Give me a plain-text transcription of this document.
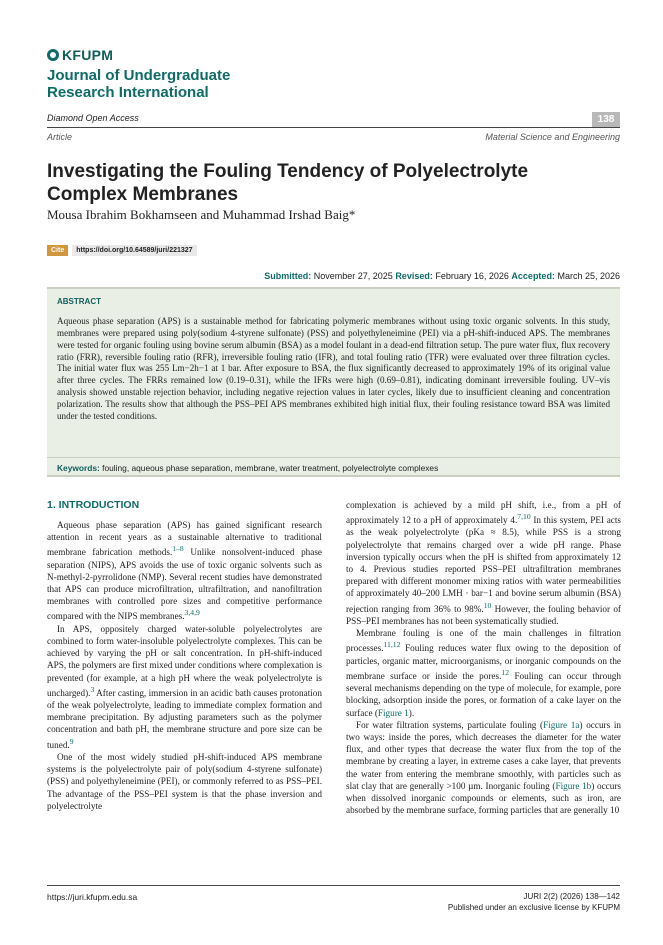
KFUPM
Journal of Undergraduate
Research International
Diamond Open Access	138
Article	Material Science and Engineering
Investigating the Fouling Tendency of Polyelectrolyte Complex Membranes
Mousa Ibrahim Bokhamseen and Muhammad Irshad Baig*
Cite	https://doi.org/10.64589/juri/221327
Submitted: November 27, 2025 Revised: February 16, 2026 Accepted: March 25, 2026
ABSTRACT

Aqueous phase separation (APS) is a sustainable method for fabricating polymeric membranes without using toxic organic solvents. In this study, membranes were prepared using poly(sodium 4-styrene sulfonate) (PSS) and polyethyleneimine (PEI) via a pH-shift-induced APS. The membranes were tested for organic fouling using bovine serum albumin (BSA) as a model foulant in a dead-end filtration setup. The pure water flux, flux recovery ratio (FRR), reversible fouling ratio (RFR), irreversible fouling ratio (IFR), and total fouling ratio (TFR) were evaluated over three filtration cycles. The initial water flux was 255 Lm−2h−1 at 1 bar. After exposure to BSA, the flux significantly decreased to approximately 19% of its original value after three cycles. The FRRs remained low (0.19–0.31), while the IFRs were high (0.69–0.81), indicating dominant irreversible fouling. UV–vis analysis showed unstable rejection behavior, including negative rejection values in later cycles, likely due to insufficient cleaning and concentration polarization. The results show that although the PSS–PEI APS membranes exhibited high initial flux, their fouling resistance toward BSA was limited under the tested conditions.

Keywords: fouling, aqueous phase separation, membrane, water treatment, polyelectrolyte complexes
1. INTRODUCTION

Aqueous phase separation (APS) has gained significant research attention in recent years as a sustainable alternative to traditional membrane fabrication methods.$^{1-8}$ Unlike nonsolvent-induced phase separation (NIPS), APS avoids the use of toxic organic solvents such as N-methyl-2-pyrrolidone (NMP). Several recent studies have demonstrated that APS can produce microfiltration, ultrafiltration, and nanofiltration membranes with controlled pore sizes and competitive performance compared with the NIPS membranes.$^{3,4,9}$

In APS, oppositely charged water-soluble polyelectrolytes are combined to form water-insoluble polyelectrolyte complexes. This can be achieved by varying the pH or salt concentration. In pH-shift-induced APS, the polymers are first mixed under conditions where complexation is prevented (for example, at a high pH where the weak polyelectrolyte is uncharged).$^3$ After casting, immersion in an acidic bath causes protonation of the weak polyelectrolyte, leading to immediate complex formation and membrane precipitation. By adjusting parameters such as the polymer concentration and bath pH, the membrane structure and pore size can be tuned.$^9$

One of the most widely studied pH-shift-induced APS membrane systems is the polyelectrolyte pair of poly(sodium 4-styrene sulfonate) (PSS) and polyethyleneimine (PEI), or commonly referred to as PSS–PEI. The advantage of the PSS–PEI system is that the phase inversion and polyelectrolyte

complexation is achieved by a mild pH shift, i.e., from a pH of approximately 12 to a pH of approximately 4.$^{7,10}$ In this system, PEI acts as the weak polyelectrolyte (pKa ≈ 8.5), while PSS is a strong polyelectrolyte that remains charged over a wide pH range. Phase inversion typically occurs when the pH is shifted from approximately 12 to 4. Previous studies reported PSS–PEI ultrafiltration membranes prepared with different monomer mixing ratios with water permeabilities of approximately 40–200 LMH · bar−1 and bovine serum albumin (BSA) rejection ranging from 36% to 98%.$^{10}$ However, the fouling behavior of PSS–PEI membranes has not been systematically studied.

Membrane fouling is one of the main challenges in filtration processes.$^{11,12}$ Fouling reduces water flux owing to the deposition of particles, organic matter, microorganisms, or inorganic compounds on the membrane surface or inside the pores.$^{12}$ Fouling can occur through several mechanisms depending on the type of molecule, for example, pore blocking, adsorption inside the pores, or formation of a cake layer on the surface (Figure 1).

For water filtration systems, particulate fouling (Figure 1a) occurs in two ways: inside the pores, which decreases the diameter for the water flux, and other types that decrease the water flux from the top of the membrane by creating a layer, in extreme cases a cake layer, that prevents the water from entering the membrane smoothly, with particles such as slat clay that are generally >100 µm. Inorganic fouling (Figure 1b) occurs when dissolved inorganic compounds or elements, such as iron, are absorbed by the membrane surface, forming particles that are generally 10

https://juri.kfupm.edu.sa	JURI 2(2) (2026) 138—142
Published under an exclusive license by KFUPM
